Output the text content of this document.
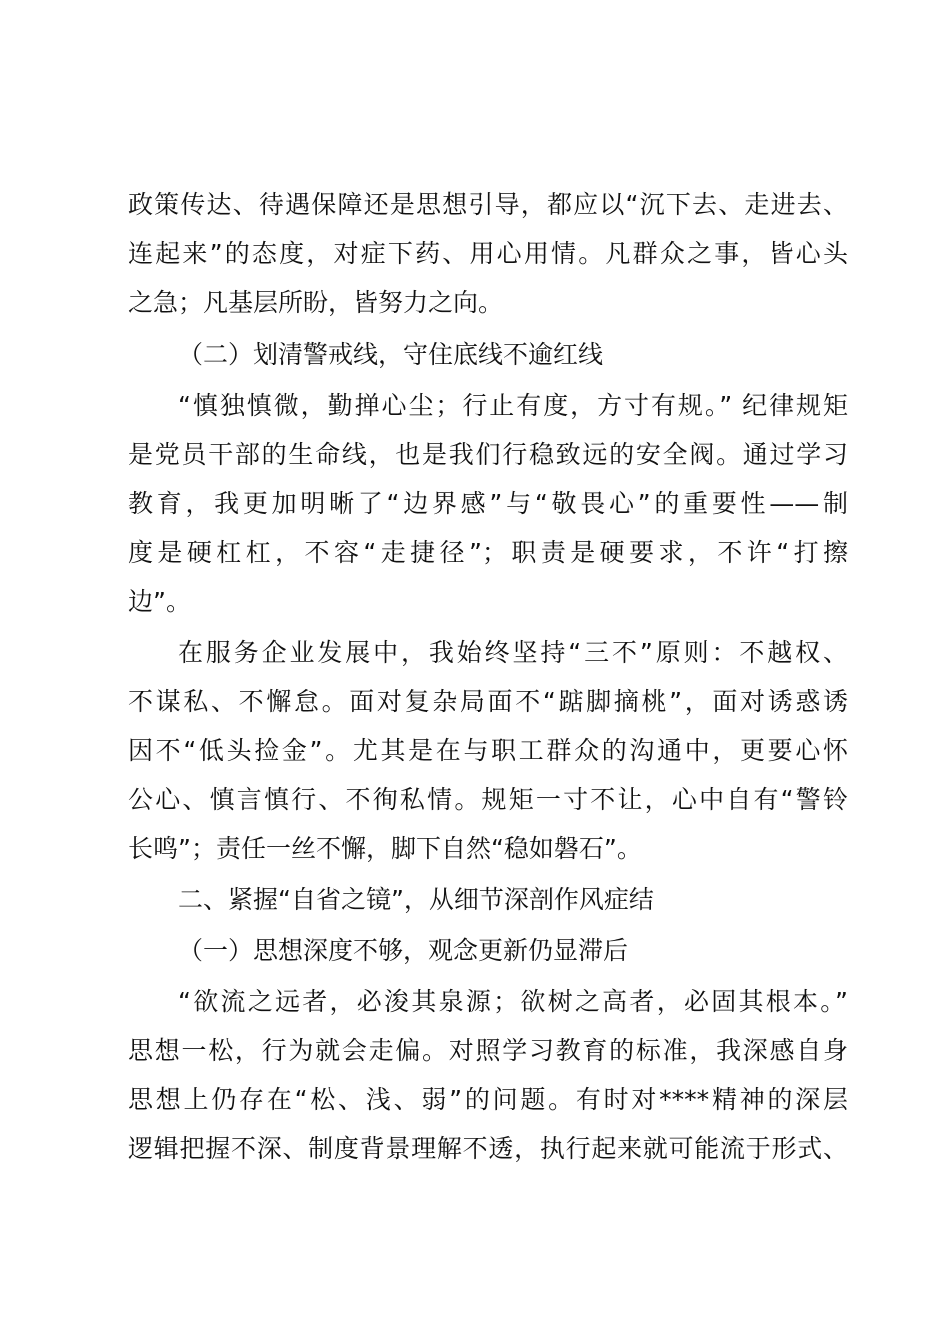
政策传达、待遇保障还是思想引导，都应以“沉下去、走进去、
连起来”的态度，对症下药、用心用情。凡群众之事，皆心头
之急；凡基层所盼，皆努力之向。
（二）划清警戒线，守住底线不逾红线
“慎独慎微，勤掸心尘；行止有度，方寸有规。” 纪律规矩
是党员干部的生命线，也是我们行稳致远的安全阀。通过学习
教育，我更加明晰了“边界感”与“敬畏心”的重要性——制
度是硬杠杠，不容“走捷径”；职责是硬要求，不许“打擦
边”。
在服务企业发展中，我始终坚持“三不”原则：不越权、
不谋私、不懈怠。面对复杂局面不“踮脚摘桃”，面对诱惑诱
因不“低头捡金”。尤其是在与职工群众的沟通中，更要心怀
公心、慎言慎行、不徇私情。规矩一寸不让，心中自有“警铃
长鸣”；责任一丝不懈，脚下自然“稳如磐石”。
二、紧握“自省之镜”，从细节深剖作风症结
（一）思想深度不够，观念更新仍显滞后
“欲流之远者，必浚其泉源；欲树之高者，必固其根本。”
思想一松，行为就会走偏。对照学习教育的标准，我深感自身
思想上仍存在“松、浅、弱”的问题。有时对****精神的深层
逻辑把握不深、制度背景理解不透，执行起来就可能流于形式、
